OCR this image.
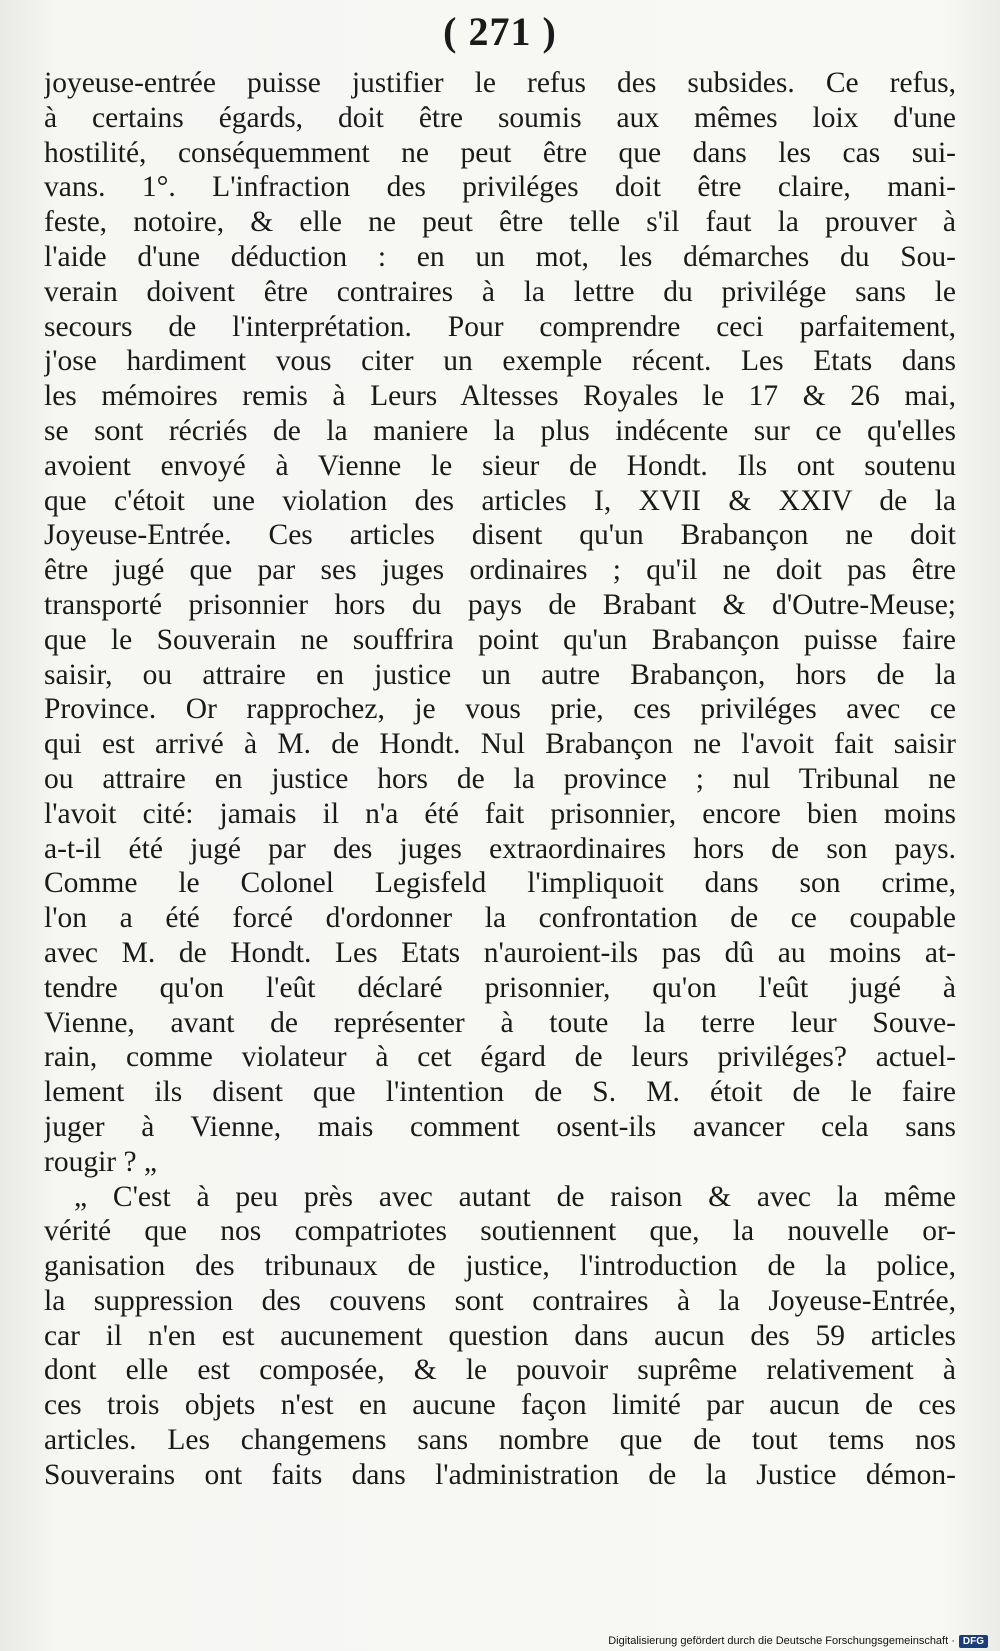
( 271 )
joyeuse-entrée puisse justifier le refus des subsides. Ce refus,
à certains égards, doit être soumis aux mêmes loix d'une
hostilité, conséquemment ne peut être que dans les cas sui-
vans. 1°. L'infraction des priviléges doit être claire, mani-
feste, notoire, & elle ne peut être telle s'il faut la prouver à
l'aide d'une déduction : en un mot, les démarches du Sou-
verain doivent être contraires à la lettre du privilége sans le
secours de l'interprétation. Pour comprendre ceci parfaitement,
j'ose hardiment vous citer un exemple récent. Les Etats dans
les mémoires remis à Leurs Altesses Royales le 17 & 26 mai,
se sont récriés de la maniere la plus indécente sur ce qu'elles
avoient envoyé à Vienne le sieur de Hondt. Ils ont soutenu
que c'étoit une violation des articles I, XVII & XXIV de la
Joyeuse-Entrée. Ces articles disent qu'un Brabançon ne doit
être jugé que par ses juges ordinaires ; qu'il ne doit pas être
transporté prisonnier hors du pays de Brabant & d'Outre-Meuse;
que le Souverain ne souffrira point qu'un Brabançon puisse faire
saisir, ou attraire en justice un autre Brabançon, hors de la
Province. Or rapprochez, je vous prie, ces priviléges avec ce
qui est arrivé à M. de Hondt. Nul Brabançon ne l'avoit fait saisir
ou attraire en justice hors de la province ; nul Tribunal ne
l'avoit cité: jamais il n'a été fait prisonnier, encore bien moins
a-t-il été jugé par des juges extraordinaires hors de son pays.
Comme le Colonel Legisfeld l'impliquoit dans son crime,
l'on a été forcé d'ordonner la confrontation de ce coupable
avec M. de Hondt. Les Etats n'auroient-ils pas dû au moins at-
tendre qu'on l'eût déclaré prisonnier, qu'on l'eût jugé à
Vienne, avant de représenter à toute la terre leur Souve-
rain, comme violateur à cet égard de leurs priviléges? actuel-
lement ils disent que l'intention de S. M. étoit de le faire
juger à Vienne, mais comment osent-ils avancer cela sans
rougir ? „
„ C'est à peu près avec autant de raison & avec la même
vérité que nos compatriotes soutiennent que, la nouvelle or-
ganisation des tribunaux de justice, l'introduction de la police,
la suppression des couvens sont contraires à la Joyeuse-Entrée,
car il n'en est aucunement question dans aucun des 59 articles
dont elle est composée, & le pouvoir suprême relativement à
ces trois objets n'est en aucune façon limité par aucun de ces
articles. Les changemens sans nombre que de tout tems nos
Souverains ont faits dans l'administration de la Justice démon-
Digitalisierung gefördert durch die Deutsche Forschungsgemeinschaft · DFG
